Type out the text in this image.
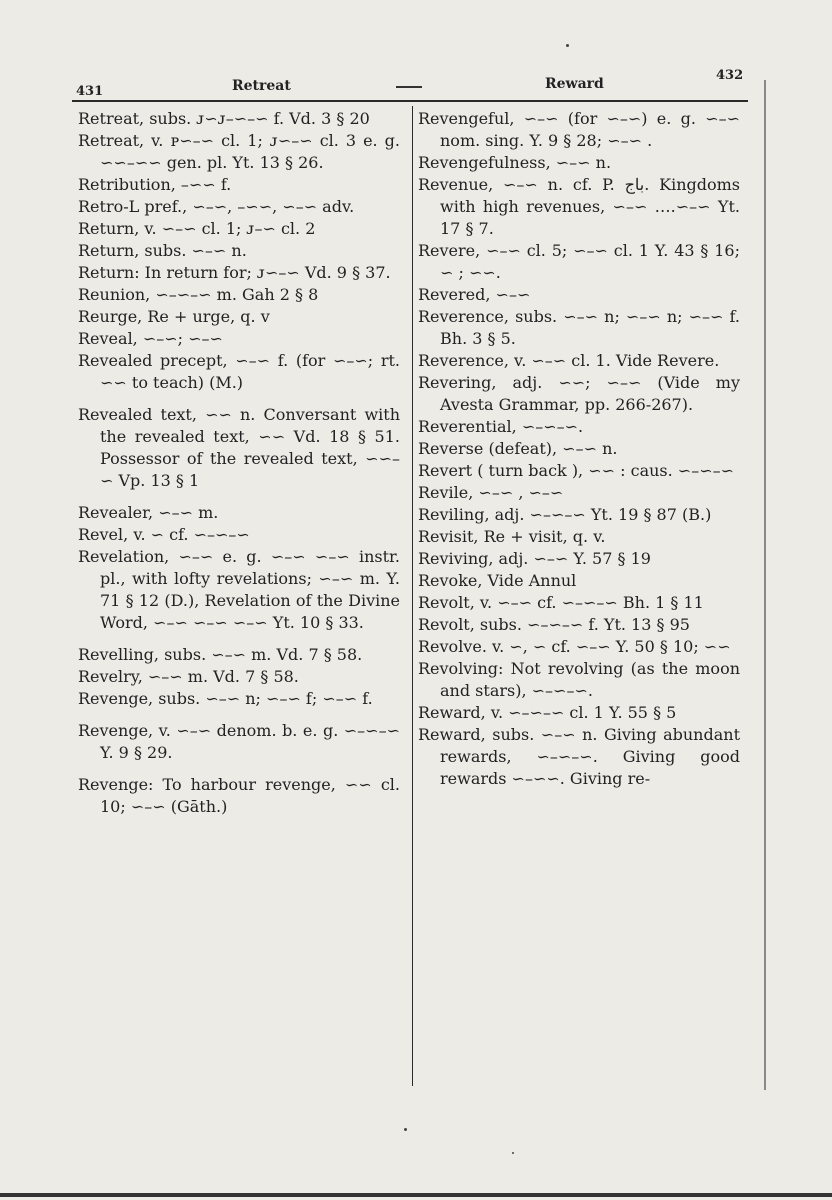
431	Retreat	Reward
432

Retreat, subs. ᴊ∽ᴊ–∽–∽ f. Vd. 3 § 20

Retreat, v. ᴘ∽–∽ cl. 1; ᴊ∽–∽ cl. 3 e. g. ∽∽–∽∽ gen. pl. Yt. 13 § 26.

Retribution, –∽∽ f.

Retro-L pref., ∽–∽, –∽∽, ∽–∽ adv.

Return, v. ∽–∽ cl. 1; ᴊ–∽ cl. 2

Return, subs. ∽–∽ n.

Return: In return for; ᴊ∽–∽ Vd. 9 § 37.

Reunion, ∽–∽–∽ m. Gah 2 § 8

Reurge, Re + urge, q. v

Reveal, ∽–∽; ∽–∽

Revealed precept, ∽–∽ f. (for ∽–∽; rt. ∽∽ to teach) (M.)

Revealed text, ∽∽ n. Conversant with the revealed text, ∽∽ Vd. 18 § 51. Possessor of the revealed text, ∽∽–∽ Vp. 13 § 1

Revealer, ∽–∽ m.

Revel, v. ∽ cf. ∽–∽–∽

Revelation, ∽–∽ e. g. ∽–∽ ∽–∽ instr. pl., with lofty revelations; ∽–∽ m. Y. 71 § 12 (D.), Revelation of the Divine Word, ∽–∽ ∽–∽ ∽–∽ Yt. 10 § 33.

Revelling, subs. ∽–∽ m. Vd. 7 § 58.

Revelry, ∽–∽ m. Vd. 7 § 58.

Revenge, subs. ∽–∽ n; ∽–∽ f; ∽–∽ f.

Revenge, v. ∽–∽ denom. b. e. g. ∽–∽–∽ Y. 9 § 29.

Revenge: To harbour revenge, ∽∽ cl. 10; ∽–∽ (Gāth.)

Revengeful, ∽–∽ (for ∽–∽) e. g. ∽–∽ nom. sing. Y. 9 § 28; ∽–∽ .

Revengefulness, ∽–∽ n.

Revenue, ∽–∽ n. cf. P. باج. Kingdoms with high revenues, ∽–∽ ….∽–∽ Yt. 17 § 7.

Revere, ∽–∽ cl. 5; ∽–∽ cl. 1 Y. 43 § 16; ∽ ; ∽∽.

Revered, ∽–∽

Reverence, subs. ∽–∽ n; ∽–∽ n; ∽–∽ f. Bh. 3 § 5.

Reverence, v. ∽–∽ cl. 1. Vide Revere.

Revering, adj. ∽∽; ∽–∽ (Vide my Avesta Grammar, pp. 266-267).

Reverential, ∽–∽–∽.

Reverse (defeat), ∽–∽ n.

Revert ( turn back ), ∽∽ : caus. ∽–∽–∽

Revile, ∽–∽ , ∽–∽

Reviling, adj. ∽–∽–∽ Yt. 19 § 87 (B.)

Revisit, Re + visit, q. v.

Reviving, adj. ∽–∽ Y. 57 § 19

Revoke, Vide Annul

Revolt, v. ∽–∽ cf. ∽–∽–∽ Bh. 1 § 11

Revolt, subs. ∽–∽–∽ f. Yt. 13 § 95

Revolve. v. ∽, ∽ cf. ∽–∽ Y. 50 § 10; ∽∽

Revolving: Not revolving (as the moon and stars), ∽–∽–∽.

Reward, v. ∽–∽–∽ cl. 1 Y. 55 § 5

Reward, subs. ∽–∽ n. Giving abundant rewards, ∽–∽–∽. Giving good rewards ∽–∽∽. Giving re-
